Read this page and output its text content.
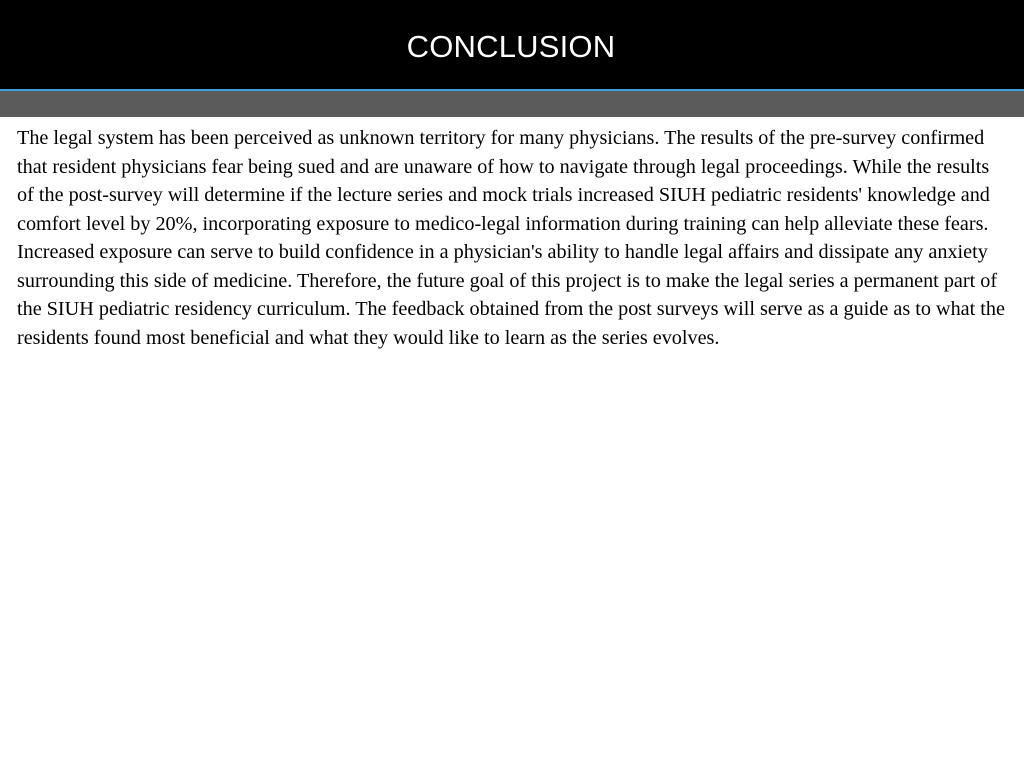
CONCLUSION

The legal system has been perceived as unknown territory for many physicians. The results of the pre-survey confirmed that resident physicians fear being sued and are unaware of how to navigate through legal proceedings. While the results of the post-survey will determine if the lecture series and mock trials increased SIUH pediatric residents' knowledge and comfort level by 20%, incorporating exposure to medico-legal information during training can help alleviate these fears. Increased exposure can serve to build confidence in a physician's ability to handle legal affairs and dissipate any anxiety surrounding this side of medicine. Therefore, the future goal of this project is to make the legal series a permanent part of the SIUH pediatric residency curriculum. The feedback obtained from the post surveys will serve as a guide as to what the residents found most beneficial and what they would like to learn as the series evolves.
